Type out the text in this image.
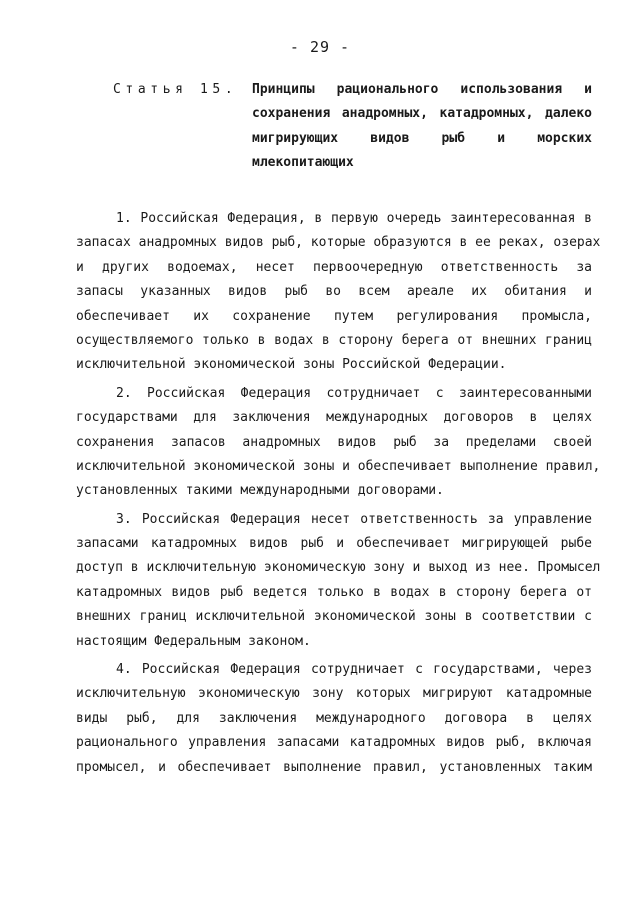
- 29 -
Статья 15. Принципы рационального использования и
сохранения анадромных, катадромных, далеко
мигрирующих видов рыб и морских
млекопитающих
1. Российская Федерация, в первую очередь заинтересованная в
запасах анадромных видов рыб, которые образуются в ее реках, озерах
и других водоемах, несет первоочередную ответственность за
запасы указанных видов рыб во всем ареале их обитания и
обеспечивает их сохранение путем регулирования промысла,
осуществляемого только в водах в сторону берега от внешних границ
исключительной экономической зоны Российской Федерации.
2. Российская Федерация сотрудничает с заинтересованными
государствами для заключения международных договоров в целях
сохранения запасов анадромных видов рыб за пределами своей
исключительной экономической зоны и обеспечивает выполнение правил,
установленных такими международными договорами.
3. Российская Федерация несет ответственность за управление
запасами катадромных видов рыб и обеспечивает мигрирующей рыбе
доступ в исключительную экономическую зону и выход из нее. Промысел
катадромных видов рыб ведется только в водах в сторону берега от
внешних границ исключительной экономической зоны в соответствии с
настоящим Федеральным законом.
4. Российская Федерация сотрудничает с государствами, через
исключительную экономическую зону которых мигрируют катадромные
виды рыб, для заключения международного договора в целях
рационального управления запасами катадромных видов рыб, включая
промысел, и обеспечивает выполнение правил, установленных таким
